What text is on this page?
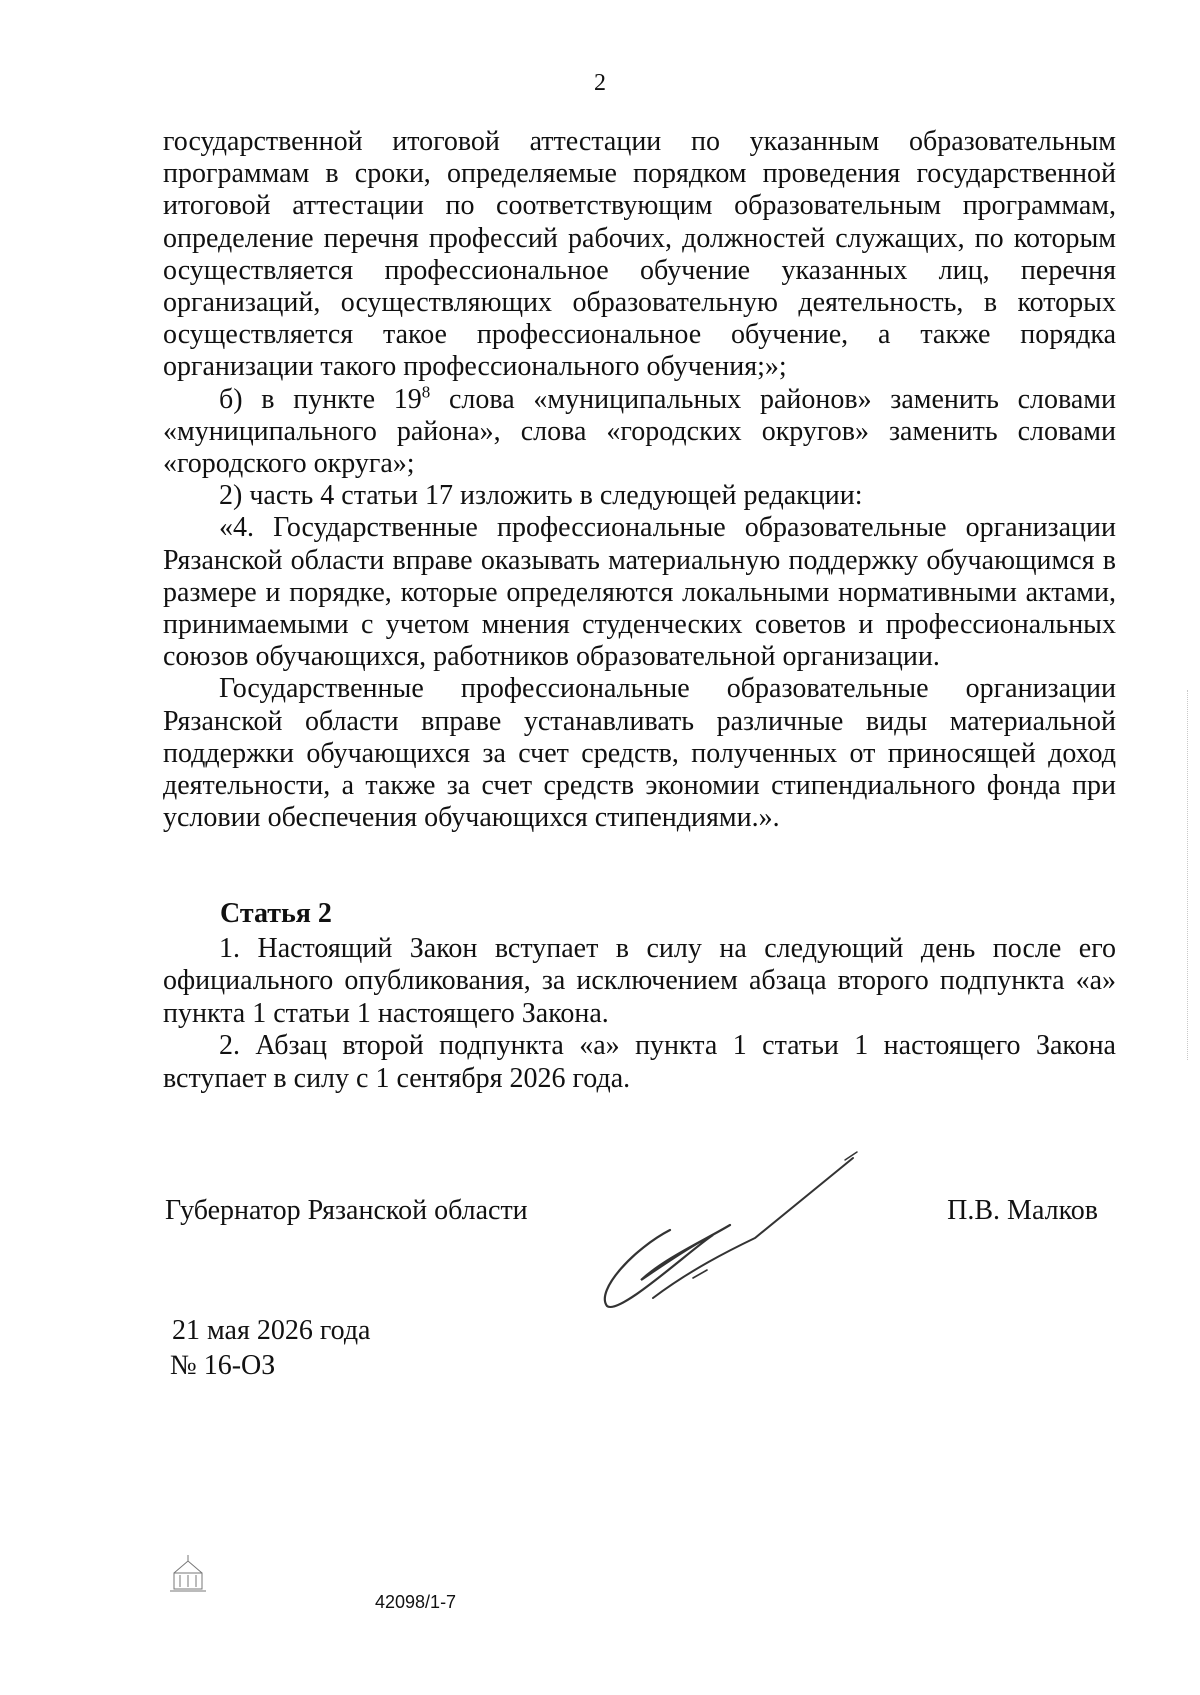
2

государственной итоговой аттестации по указанным образовательным программам в сроки, определяемые порядком проведения государственной итоговой аттестации по соответствующим образовательным программам, определение перечня профессий рабочих, должностей служащих, по которым осуществляется профессиональное обучение указанных лиц, перечня организаций, осуществляющих образовательную деятельность, в которых осуществляется такое профессиональное обучение, а также порядка организации такого профессионального обучения;»;

б) в пункте $19^8$ слова «муниципальных районов» заменить словами «муниципального района», слова «городских округов» заменить словами «городского округа»;

2) часть 4 статьи 17 изложить в следующей редакции:

«4. Государственные профессиональные образовательные организации Рязанской области вправе оказывать материальную поддержку обучающимся в размере и порядке, которые определяются локальными нормативными актами, принимаемыми с учетом мнения студенческих советов и профессиональных союзов обучающихся, работников образовательной организации.

Государственные профессиональные образовательные организации Рязанской области вправе устанавливать различные виды материальной поддержки обучающихся за счет средств, полученных от приносящей доход деятельности, а также за счет средств экономии стипендиального фонда при условии обеспечения обучающихся стипендиями.».

Статья 2

1. Настоящий Закон вступает в силу на следующий день после его официального опубликования, за исключением абзаца второго подпункта «а» пункта 1 статьи 1 настоящего Закона.

2. Абзац второй подпункта «а» пункта 1 статьи 1 настоящего Закона вступает в силу с 1 сентября 2026 года.

Губернатор Рязанской области	П.В. Малков
21 мая 2026 года
№ 16-ОЗ
42098/1-7
